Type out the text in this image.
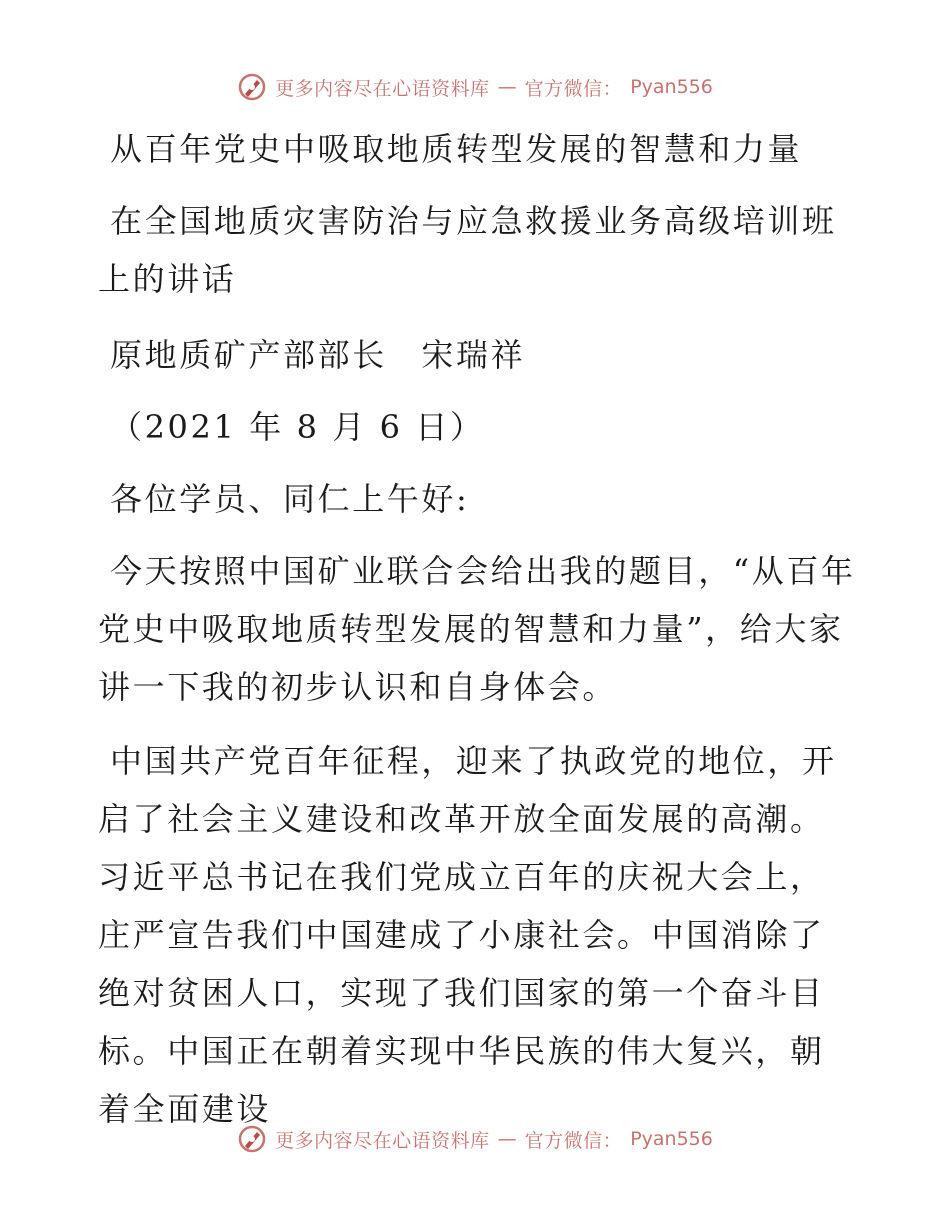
更多内容尽在心语资料库 — 官方微信： Pyan556

从百年党史中吸取地质转型发展的智慧和力量

在全国地质灾害防治与应急救援业务高级培训班上的讲话

原地质矿产部部长　宋瑞祥

（2021 年 8 月 6 日）

各位学员、同仁上午好:

今天按照中国矿业联合会给出我的题目，“从百年党史中吸取地质转型发展的智慧和力量”，给大家讲一下我的初步认识和自身体会。

中国共产党百年征程，迎来了执政党的地位，开启了社会主义建设和改革开放全面发展的高潮。习近平总书记在我们党成立百年的庆祝大会上，庄严宣告我们中国建成了小康社会。中国消除了绝对贫困人口，实现了我们国家的第一个奋斗目标。中国正在朝着实现中华民族的伟大复兴，朝着全面建设

更多内容尽在心语资料库 — 官方微信： Pyan556
